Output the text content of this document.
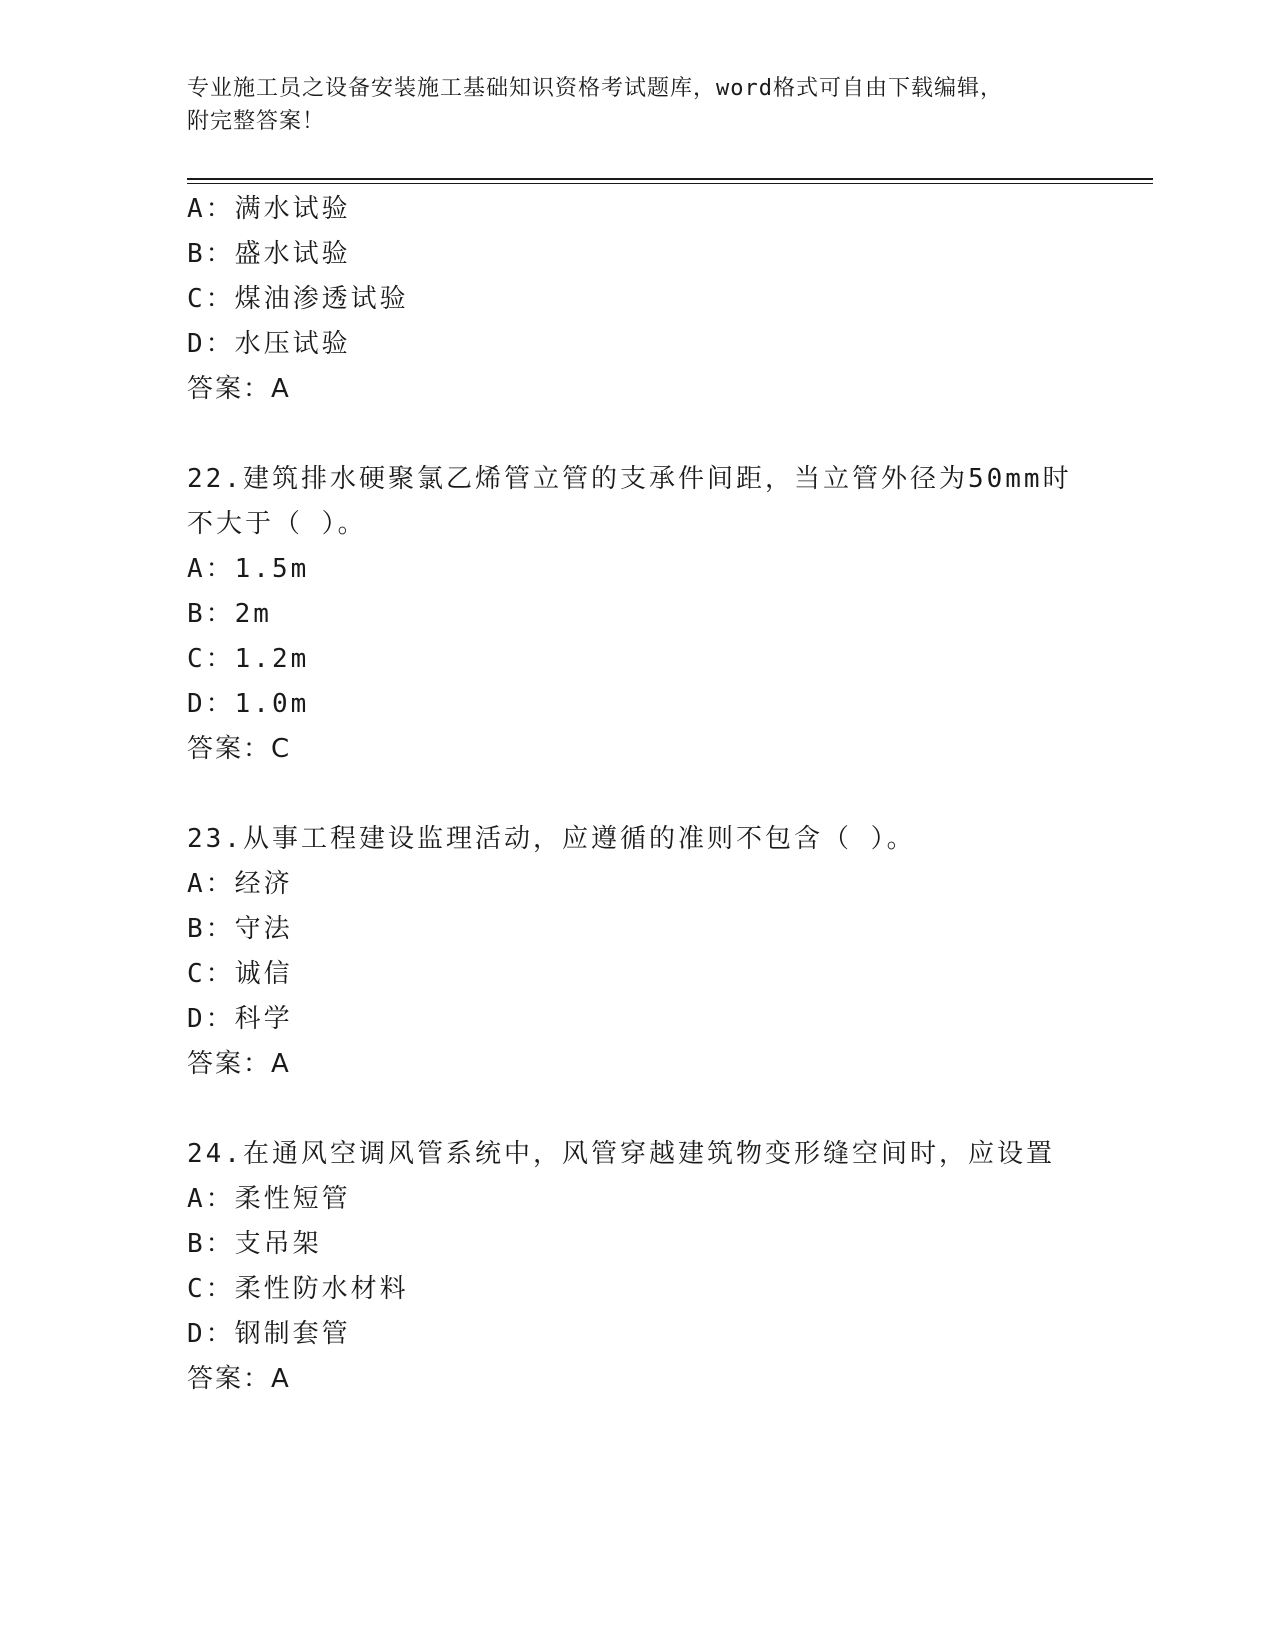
专业施工员之设备安装施工基础知识资格考试题库，word格式可自由下载编辑，
附完整答案！
A：满水试验
B：盛水试验
C：煤油渗透试验
D：水压试验
答案：A
22.建筑排水硬聚氯乙烯管立管的支承件间距，当立管外径为50mm时
不大于（ ）。
A：1.5m
B：2m
C：1.2m
D：1.0m
答案：C
23.从事工程建设监理活动，应遵循的准则不包含（ ）。
A：经济
B：守法
C：诚信
D：科学
答案：A
24.在通风空调风管系统中，风管穿越建筑物变形缝空间时，应设置
A：柔性短管
B：支吊架
C：柔性防水材料
D：钢制套管
答案：A
